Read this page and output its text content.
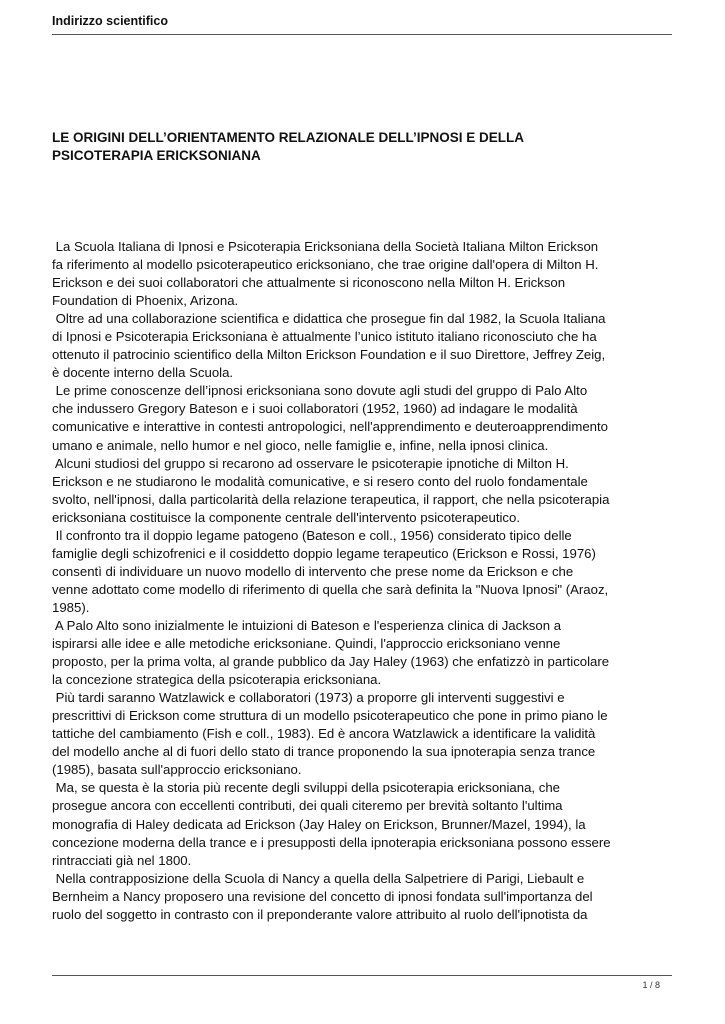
Indirizzo scientifico
LE ORIGINI DELL’ORIENTAMENTO RELAZIONALE DELL’IPNOSI E DELLA
PSICOTERAPIA ERICKSONIANA
La Scuola Italiana di Ipnosi e Psicoterapia Ericksoniana della Società Italiana Milton Erickson
fa riferimento al modello psicoterapeutico ericksoniano, che trae origine dall'opera di Milton H.
Erickson e dei suoi collaboratori che attualmente si riconoscono nella Milton H. Erickson
Foundation di Phoenix, Arizona.
Oltre ad una collaborazione scientifica e didattica che prosegue fin dal 1982, la Scuola Italiana
di Ipnosi e Psicoterapia Ericksoniana è attualmente l’unico istituto italiano riconosciuto che ha
ottenuto il patrocinio scientifico della Milton Erickson Foundation e il suo Direttore, Jeffrey Zeig,
è docente interno della Scuola.
Le prime conoscenze dell’ipnosi ericksoniana sono dovute agli studi del gruppo di Palo Alto
che indussero Gregory Bateson e i suoi collaboratori (1952, 1960) ad indagare le modalità
comunicative e interattive in contesti antropologici, nell'apprendimento e deuteroapprendimento
umano e animale, nello humor e nel gioco, nelle famiglie e, infine, nella ipnosi clinica.
Alcuni studiosi del gruppo si recarono ad osservare le psicoterapie ipnotiche di Milton H.
Erickson e ne studiarono le modalità comunicative, e si resero conto del ruolo fondamentale
svolto, nell'ipnosi, dalla particolarità della relazione terapeutica, il rapport, che nella psicoterapia
ericksoniana costituisce la componente centrale dell'intervento psicoterapeutico.
Il confronto tra il doppio legame patogeno (Bateson e coll., 1956) considerato tipico delle
famiglie degli schizofrenici e il cosiddetto doppio legame terapeutico (Erickson e Rossi, 1976)
consentì di individuare un nuovo modello di intervento che prese nome da Erickson e che
venne adottato come modello di riferimento di quella che sarà definita la "Nuova Ipnosi" (Araoz,
1985).
A Palo Alto sono inizialmente le intuizioni di Bateson e l'esperienza clinica di Jackson a
ispirarsi alle idee e alle metodiche ericksoniane. Quindi, l'approccio ericksoniano venne
proposto, per la prima volta, al grande pubblico da Jay Haley (1963) che enfatizzò in particolare
la concezione strategica della psicoterapia ericksoniana.
Più tardi saranno Watzlawick e collaboratori (1973) a proporre gli interventi suggestivi e
prescrittivi di Erickson come struttura di un modello psicoterapeutico che pone in primo piano le
tattiche del cambiamento (Fish e coll., 1983). Ed è ancora Watzlawick a identificare la validità
del modello anche al di fuori dello stato di trance proponendo la sua ipnoterapia senza trance
(1985), basata sull'approccio ericksoniano.
Ma, se questa è la storia più recente degli sviluppi della psicoterapia ericksoniana, che
prosegue ancora con eccellenti contributi, dei quali citeremo per brevità soltanto l'ultima
monografia di Haley dedicata ad Erickson (Jay Haley on Erickson, Brunner/Mazel, 1994), la
concezione moderna della trance e i presupposti della ipnoterapia ericksoniana possono essere
rintracciati già nel 1800.
Nella contrapposizione della Scuola di Nancy a quella della Salpetriere di Parigi, Liebault e
Bernheim a Nancy proposero una revisione del concetto di ipnosi fondata sull'importanza del
ruolo del soggetto in contrasto con il preponderante valore attribuito al ruolo dell'ipnotista da
1 / 8
